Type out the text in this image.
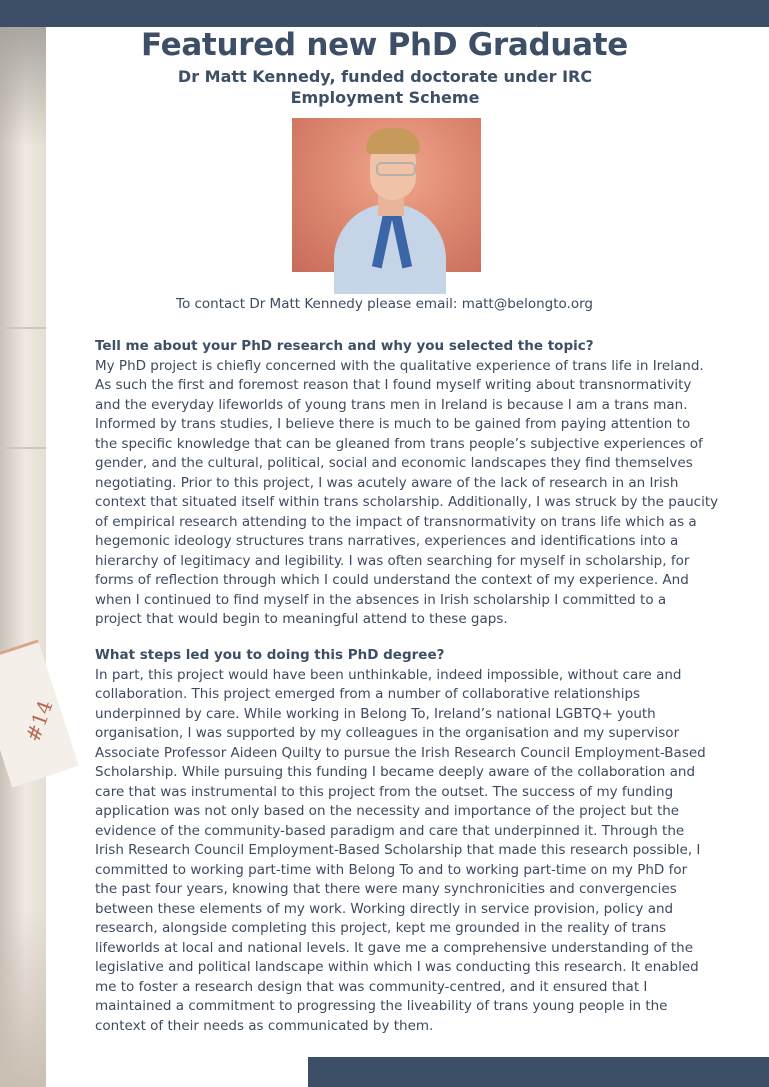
#14
Featured new PhD Graduate
Dr Matt Kennedy, funded doctorate under IRC
Employment Scheme

To contact Dr Matt Kennedy please email: matt@belongto.org

Tell me about your PhD research and why you selected the topic?

My PhD project is chiefly concerned with the qualitative experience of trans life in Ireland.
As such the first and foremost reason that I found myself writing about transnormativity
and the everyday lifeworlds of young trans men in Ireland is because I am a trans man.
Informed by trans studies, I believe there is much to be gained from paying attention to
the specific knowledge that can be gleaned from trans people’s subjective experiences of
gender, and the cultural, political, social and economic landscapes they find themselves
negotiating. Prior to this project, I was acutely aware of the lack of research in an Irish
context that situated itself within trans scholarship. Additionally, I was struck by the paucity
of empirical research attending to the impact of transnormativity on trans life which as a
hegemonic ideology structures trans narratives, experiences and identifications into a
hierarchy of legitimacy and legibility. I was often searching for myself in scholarship, for
forms of reflection through which I could understand the context of my experience. And
when I continued to find myself in the absences in Irish scholarship I committed to a
project that would begin to meaningful attend to these gaps.

What steps led you to doing this PhD degree?

In part, this project would have been unthinkable, indeed impossible, without care and
collaboration. This project emerged from a number of collaborative relationships
underpinned by care. While working in Belong To, Ireland’s national LGBTQ+ youth
organisation, I was supported by my colleagues in the organisation and my supervisor
Associate Professor Aideen Quilty to pursue the Irish Research Council Employment-Based
Scholarship. While pursuing this funding I became deeply aware of the collaboration and
care that was instrumental to this project from the outset. The success of my funding
application was not only based on the necessity and importance of the project but the
evidence of the community-based paradigm and care that underpinned it. Through the
Irish Research Council Employment-Based Scholarship that made this research possible, I
committed to working part-time with Belong To and to working part-time on my PhD for
the past four years, knowing that there were many synchronicities and convergencies
between these elements of my work. Working directly in service provision, policy and
research, alongside completing this project, kept me grounded in the reality of trans
lifeworlds at local and national levels. It gave me a comprehensive understanding of the
legislative and political landscape within which I was conducting this research. It enabled
me to foster a research design that was community-centred, and it ensured that I
maintained a commitment to progressing the liveability of trans young people in the
context of their needs as communicated by them.
